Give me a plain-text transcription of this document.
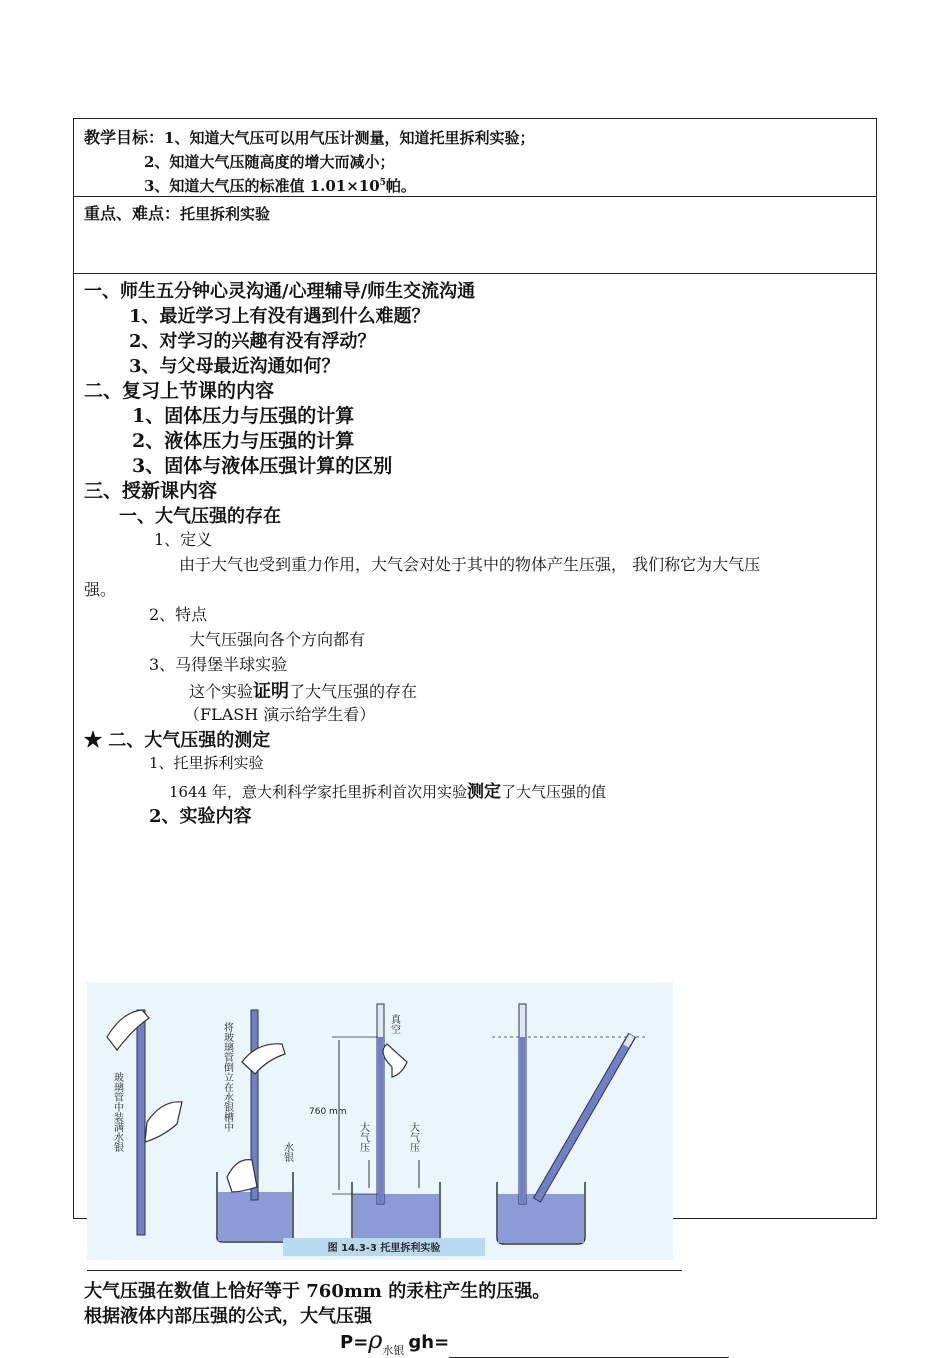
教学目标：1、知道大气压可以用气压计测量，知道托里拆利实验；
2、知道大气压随高度的增大而减小；
3、知道大气压的标准值 $1.01\times 10^5$帕。
重点、难点：托里拆利实验
一、师生五分钟心灵沟通/心理辅导/师生交流沟通
1、最近学习上有没有遇到什么难题？
2、对学习的兴趣有没有浮动？
3、与父母最近沟通如何？
二、复习上节课的内容
1、固体压力与压强的计算
2、液体压力与压强的计算
3、固体与液体压强计算的区别
三、授新课内容
一、大气压强的存在
1、定义
由于大气也受到重力作用，大气会对处于其中的物体产生压强， 我们称它为大气压
强。
2、特点
大气压强向各个方向都有
3、马得堡半球实验
这个实验证明了大气压强的存在
（FLASH 演示给学生看）
★ 二、大气压强的测定
1、托里拆利实验
1644 年，意大利科学家托里拆利首次用实验测定了大气压强的值
2、实验内容
玻璃管中装满水银	将玻璃管倒立在水银槽中
水银
760 mm
真空
大气压	大气压
图 14.3-3 托里拆利实验
大气压强在数值上恰好等于 760mm 的汞柱产生的压强。
根据液体内部压强的公式，大气压强
$P=\rho_{水银}$ gh=
